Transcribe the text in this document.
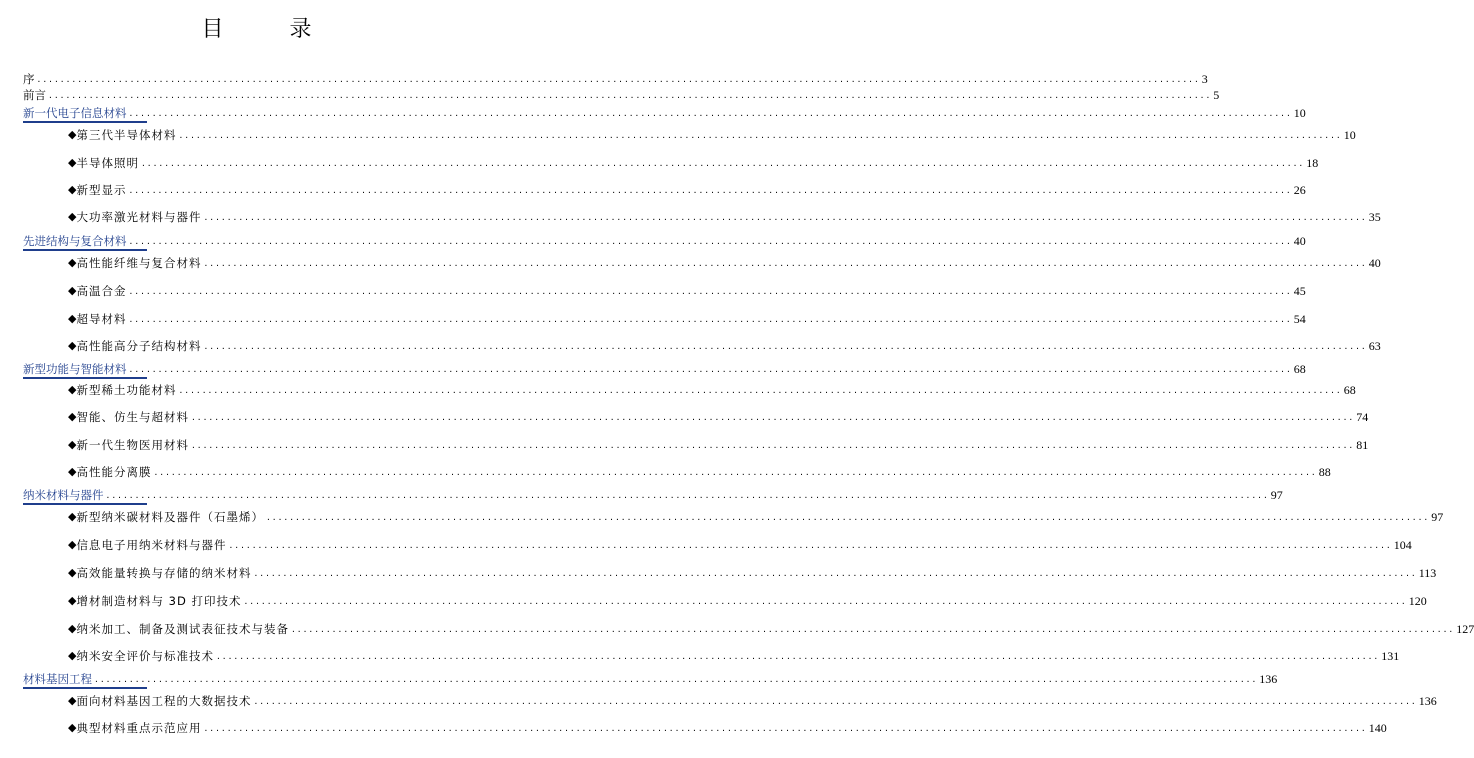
目　录
序 ........................................................................................................................................................................................................ 3
前言 ........................................................................................................................................................................................................ 5
新一代电子信息材料 ........................................................................................................................................................................................................ 10
◆ 第三代半导体材料 ........................................................................................................................................................................................................ 10
◆ 半导体照明 ........................................................................................................................................................................................................ 18
◆ 新型显示 ........................................................................................................................................................................................................ 26
◆ 大功率激光材料与器件 ........................................................................................................................................................................................................ 35
先进结构与复合材料 ........................................................................................................................................................................................................ 40
◆ 高性能纤维与复合材料 ........................................................................................................................................................................................................ 40
◆ 高温合金 ........................................................................................................................................................................................................ 45
◆ 超导材料 ........................................................................................................................................................................................................ 54
◆ 高性能高分子结构材料 ........................................................................................................................................................................................................ 63
新型功能与智能材料 ........................................................................................................................................................................................................ 68
◆ 新型稀土功能材料 ........................................................................................................................................................................................................ 68
◆ 智能、仿生与超材料 ........................................................................................................................................................................................................ 74
◆ 新一代生物医用材料 ........................................................................................................................................................................................................ 81
◆ 高性能分离膜 ........................................................................................................................................................................................................ 88
纳米材料与器件 ........................................................................................................................................................................................................ 97
◆ 新型纳米碳材料及器件（石墨烯） ........................................................................................................................................................................................................ 97
◆ 信息电子用纳米材料与器件 ........................................................................................................................................................................................................ 104
◆ 高效能量转换与存储的纳米材料 ........................................................................................................................................................................................................ 113
◆ 增材制造材料与 3D 打印技术 ........................................................................................................................................................................................................ 120
◆ 纳米加工、制备及测试表征技术与装备 ........................................................................................................................................................................................................ 127
◆ 纳米安全评价与标准技术 ........................................................................................................................................................................................................ 131
材料基因工程 ........................................................................................................................................................................................................ 136
◆ 面向材料基因工程的大数据技术 ........................................................................................................................................................................................................ 136
◆ 典型材料重点示范应用 ........................................................................................................................................................................................................ 140
